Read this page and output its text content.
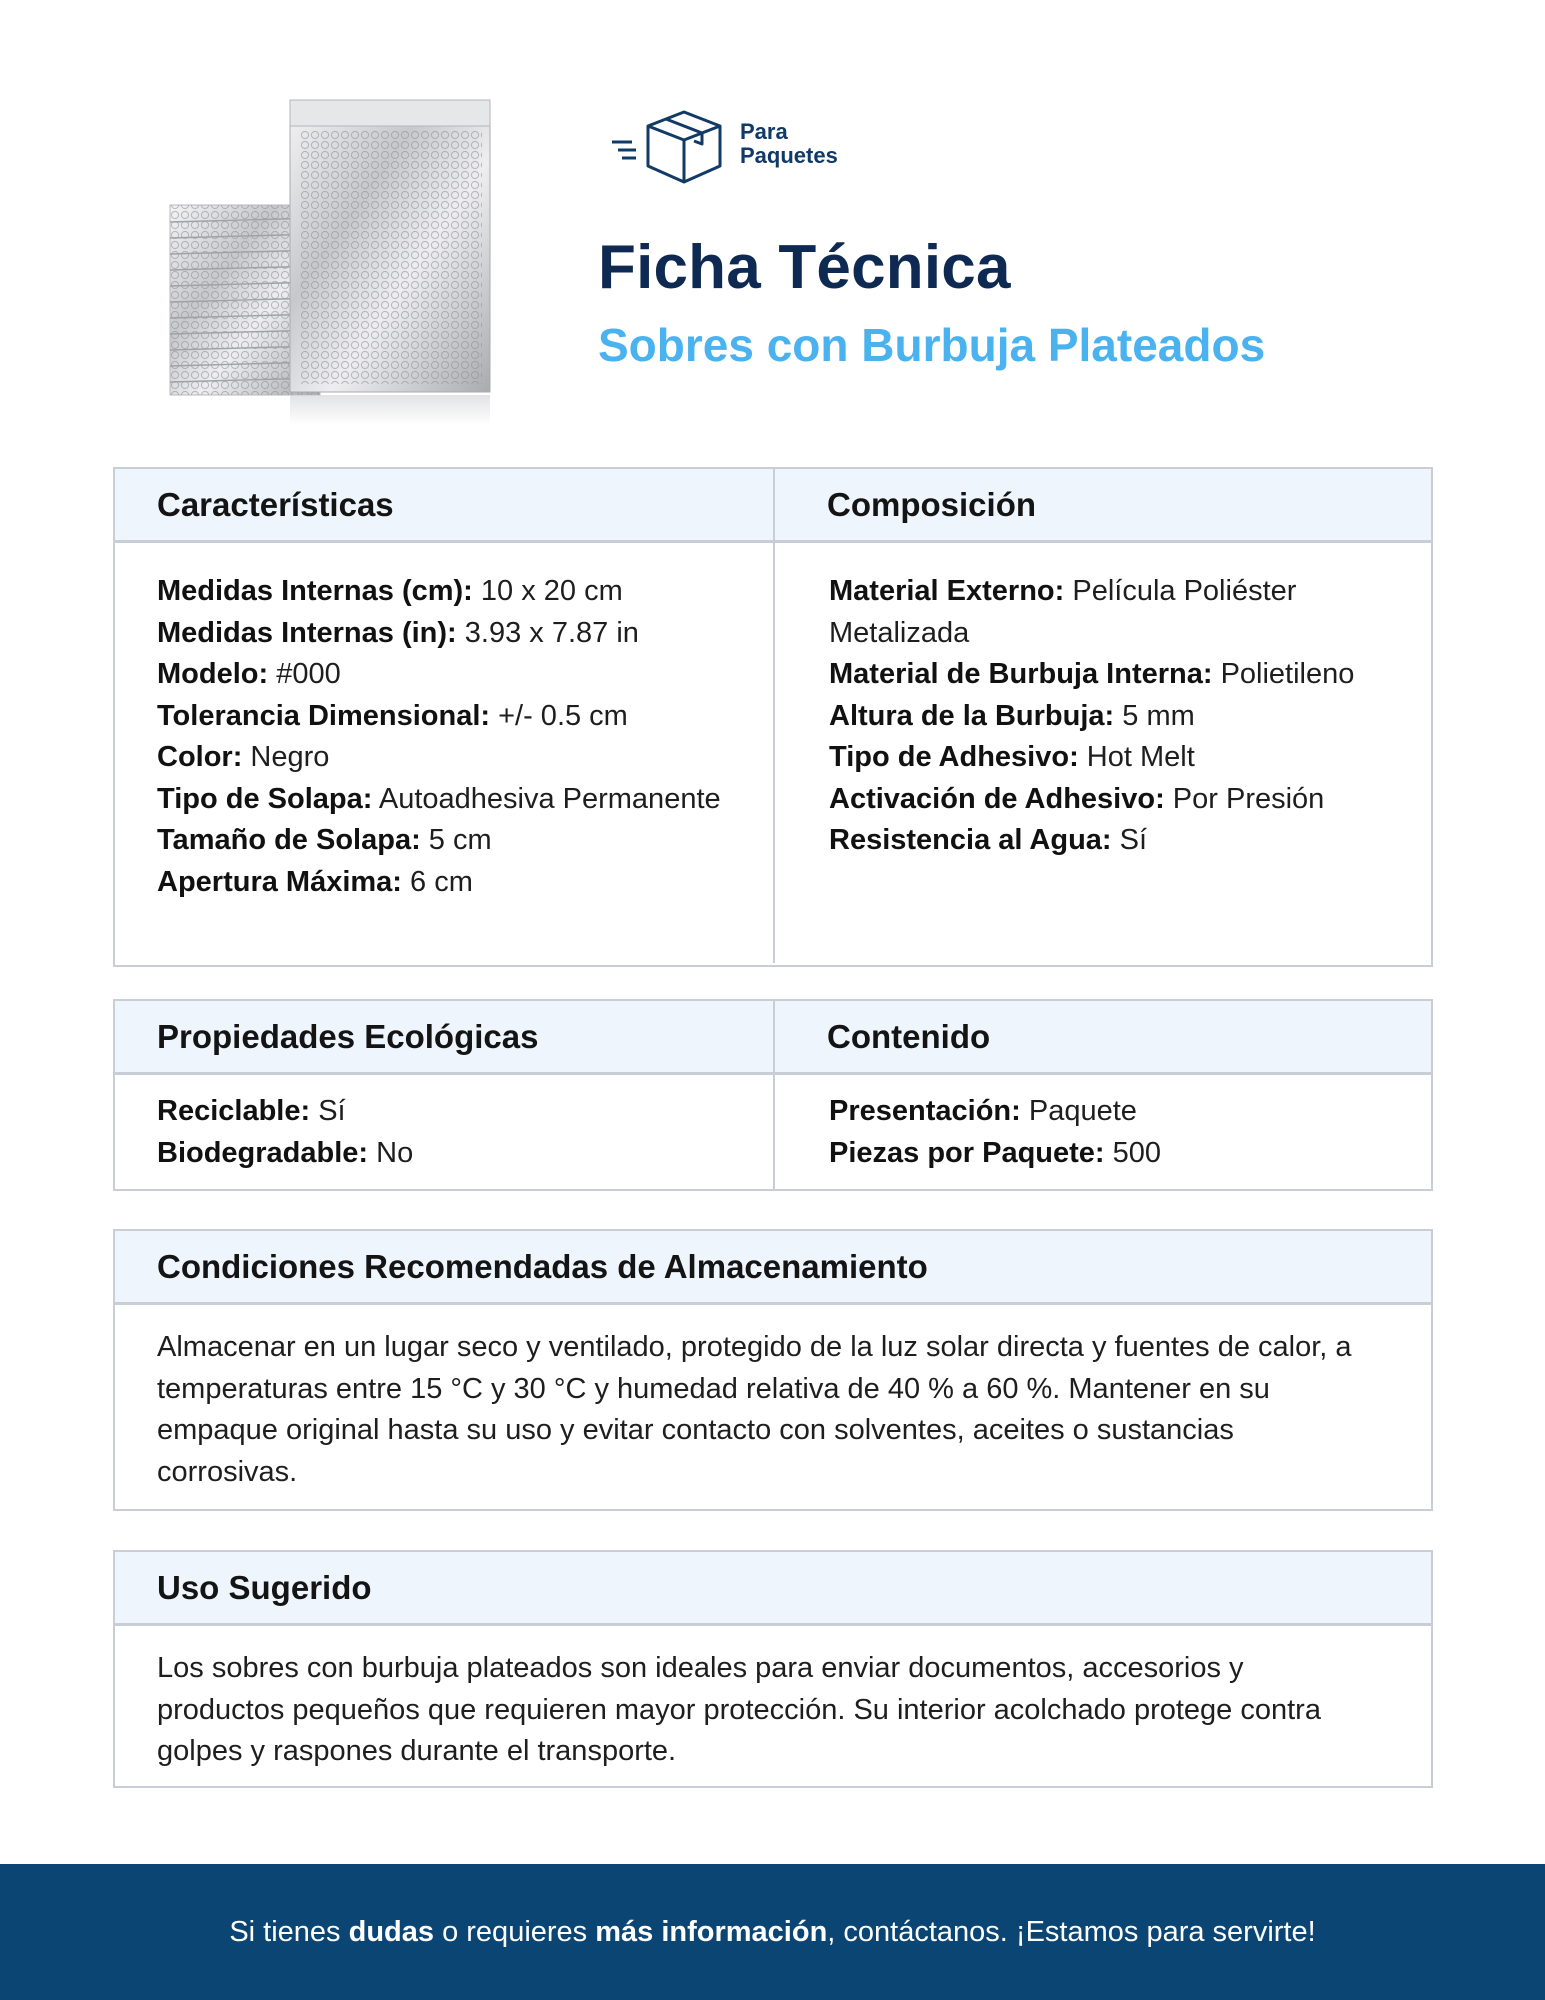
Para
Paquetes
Ficha Técnica
Sobres con Burbuja Plateados
Características	Composición
Medidas Internas (cm): 10 x 20 cm
Medidas Internas (in): 3.93 x 7.87 in
Modelo: #000
Tolerancia Dimensional: +/- 0.5 cm
Color: Negro
Tipo de Solapa: Autoadhesiva Permanente
Tamaño de Solapa: 5 cm
Apertura Máxima: 6 cm
Material Externo: Película Poliéster Metalizada
Material de Burbuja Interna: Polietileno
Altura de la Burbuja: 5 mm
Tipo de Adhesivo: Hot Melt
Activación de Adhesivo: Por Presión
Resistencia al Agua: Sí
Propiedades Ecológicas	Contenido
Reciclable: Sí
Biodegradable: No
Presentación: Paquete
Piezas por Paquete: 500
Condiciones Recomendadas de Almacenamiento
Almacenar en un lugar seco y ventilado, protegido de la luz solar directa y fuentes de calor, a temperaturas entre 15 °C y 30 °C y humedad relativa de 40 % a 60 %. Mantener en su empaque original hasta su uso y evitar contacto con solventes, aceites o sustancias corrosivas.
Uso Sugerido
Los sobres con burbuja plateados son ideales para enviar documentos, accesorios y productos pequeños que requieren mayor protección. Su interior acolchado protege contra golpes y raspones durante el transporte.
Si tienes dudas o requieres más información, contáctanos. ¡Estamos para servirte!
